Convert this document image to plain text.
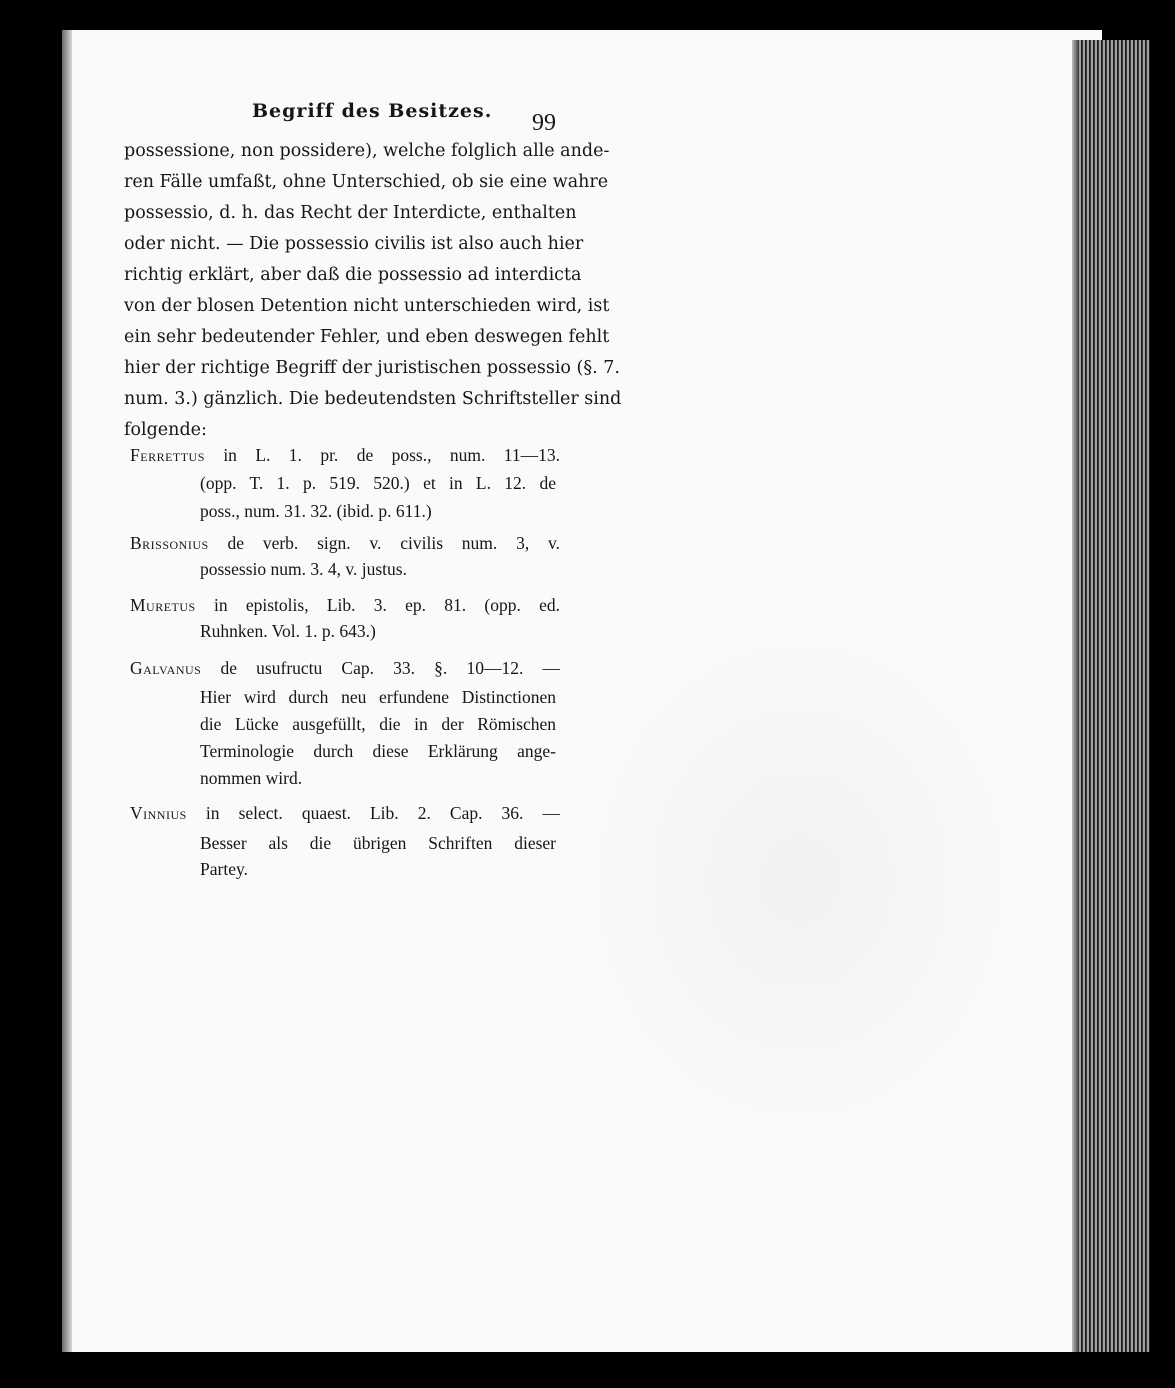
Begriff des Besitzes. 99
possessione, non possidere), welche folglich alle ande-
ren Fälle umfaßt, ohne Unterschied, ob sie eine wahre
possessio, d. h. das Recht der Interdicte, enthalten
oder nicht. — Die possessio civilis ist also auch hier
richtig erklärt, aber daß die possessio ad interdicta
von der blosen Detention nicht unterschieden wird, ist
ein sehr bedeutender Fehler, und eben deswegen fehlt
hier der richtige Begriff der juristischen possessio (§. 7.
num. 3.) gänzlich. Die bedeutendsten Schriftsteller sind
folgende:
Ferrettus in L. 1. pr. de poss., num. 11—13.
(opp. T. 1. p. 519. 520.) et in L. 12. de
poss., num. 31. 32. (ibid. p. 611.)
Brissonius de verb. sign. v. civilis num. 3, v.
possessio num. 3. 4, v. justus.
Muretus in epistolis, Lib. 3. ep. 81. (opp. ed.
Ruhnken. Vol. 1. p. 643.)
Galvanus de usufructu Cap. 33. §. 10—12. —
Hier wird durch neu erfundene Distinctionen
die Lücke ausgefüllt, die in der Römischen
Terminologie durch diese Erklärung ange-
nommen wird.
Vinnius in select. quaest. Lib. 2. Cap. 36. —
Besser als die übrigen Schriften dieser
Partey.
